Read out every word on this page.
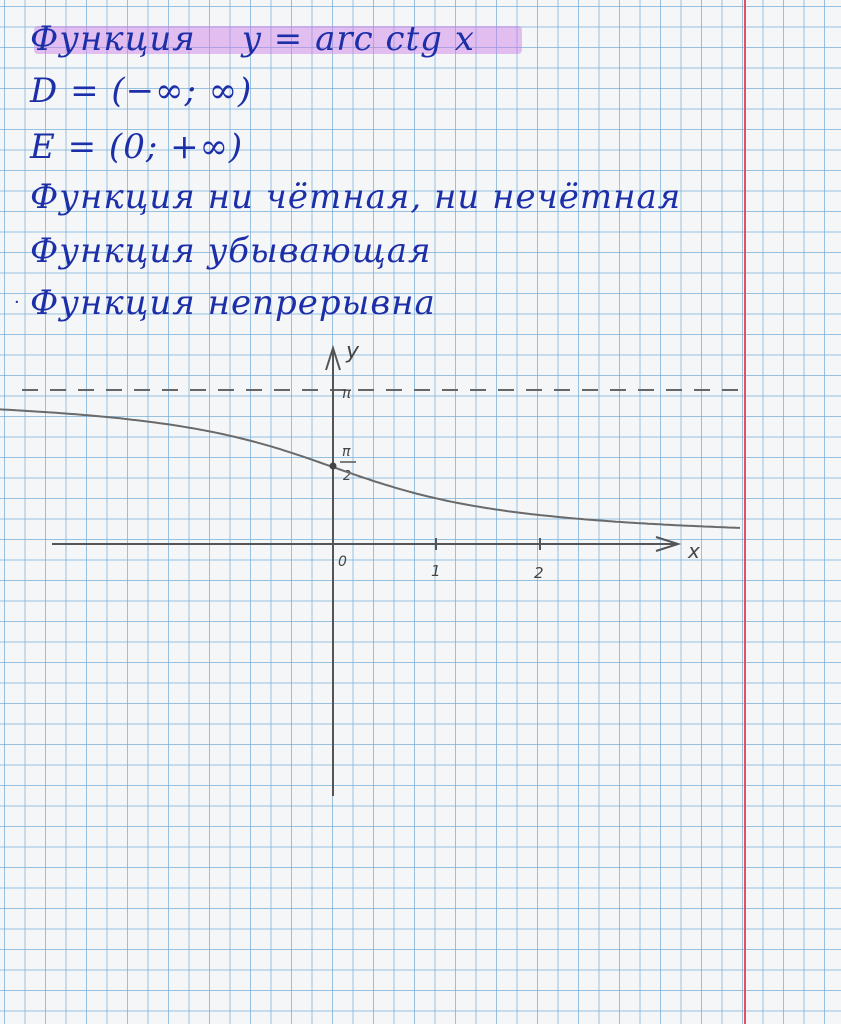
Функция y = arc ctg x
D = (−∞; ∞)
E = (0; +∞)
Функция ни чётная, ни нечётная
Функция убывающая
Функция непрерывна
·
y
x
0	1	2
π
π
2
